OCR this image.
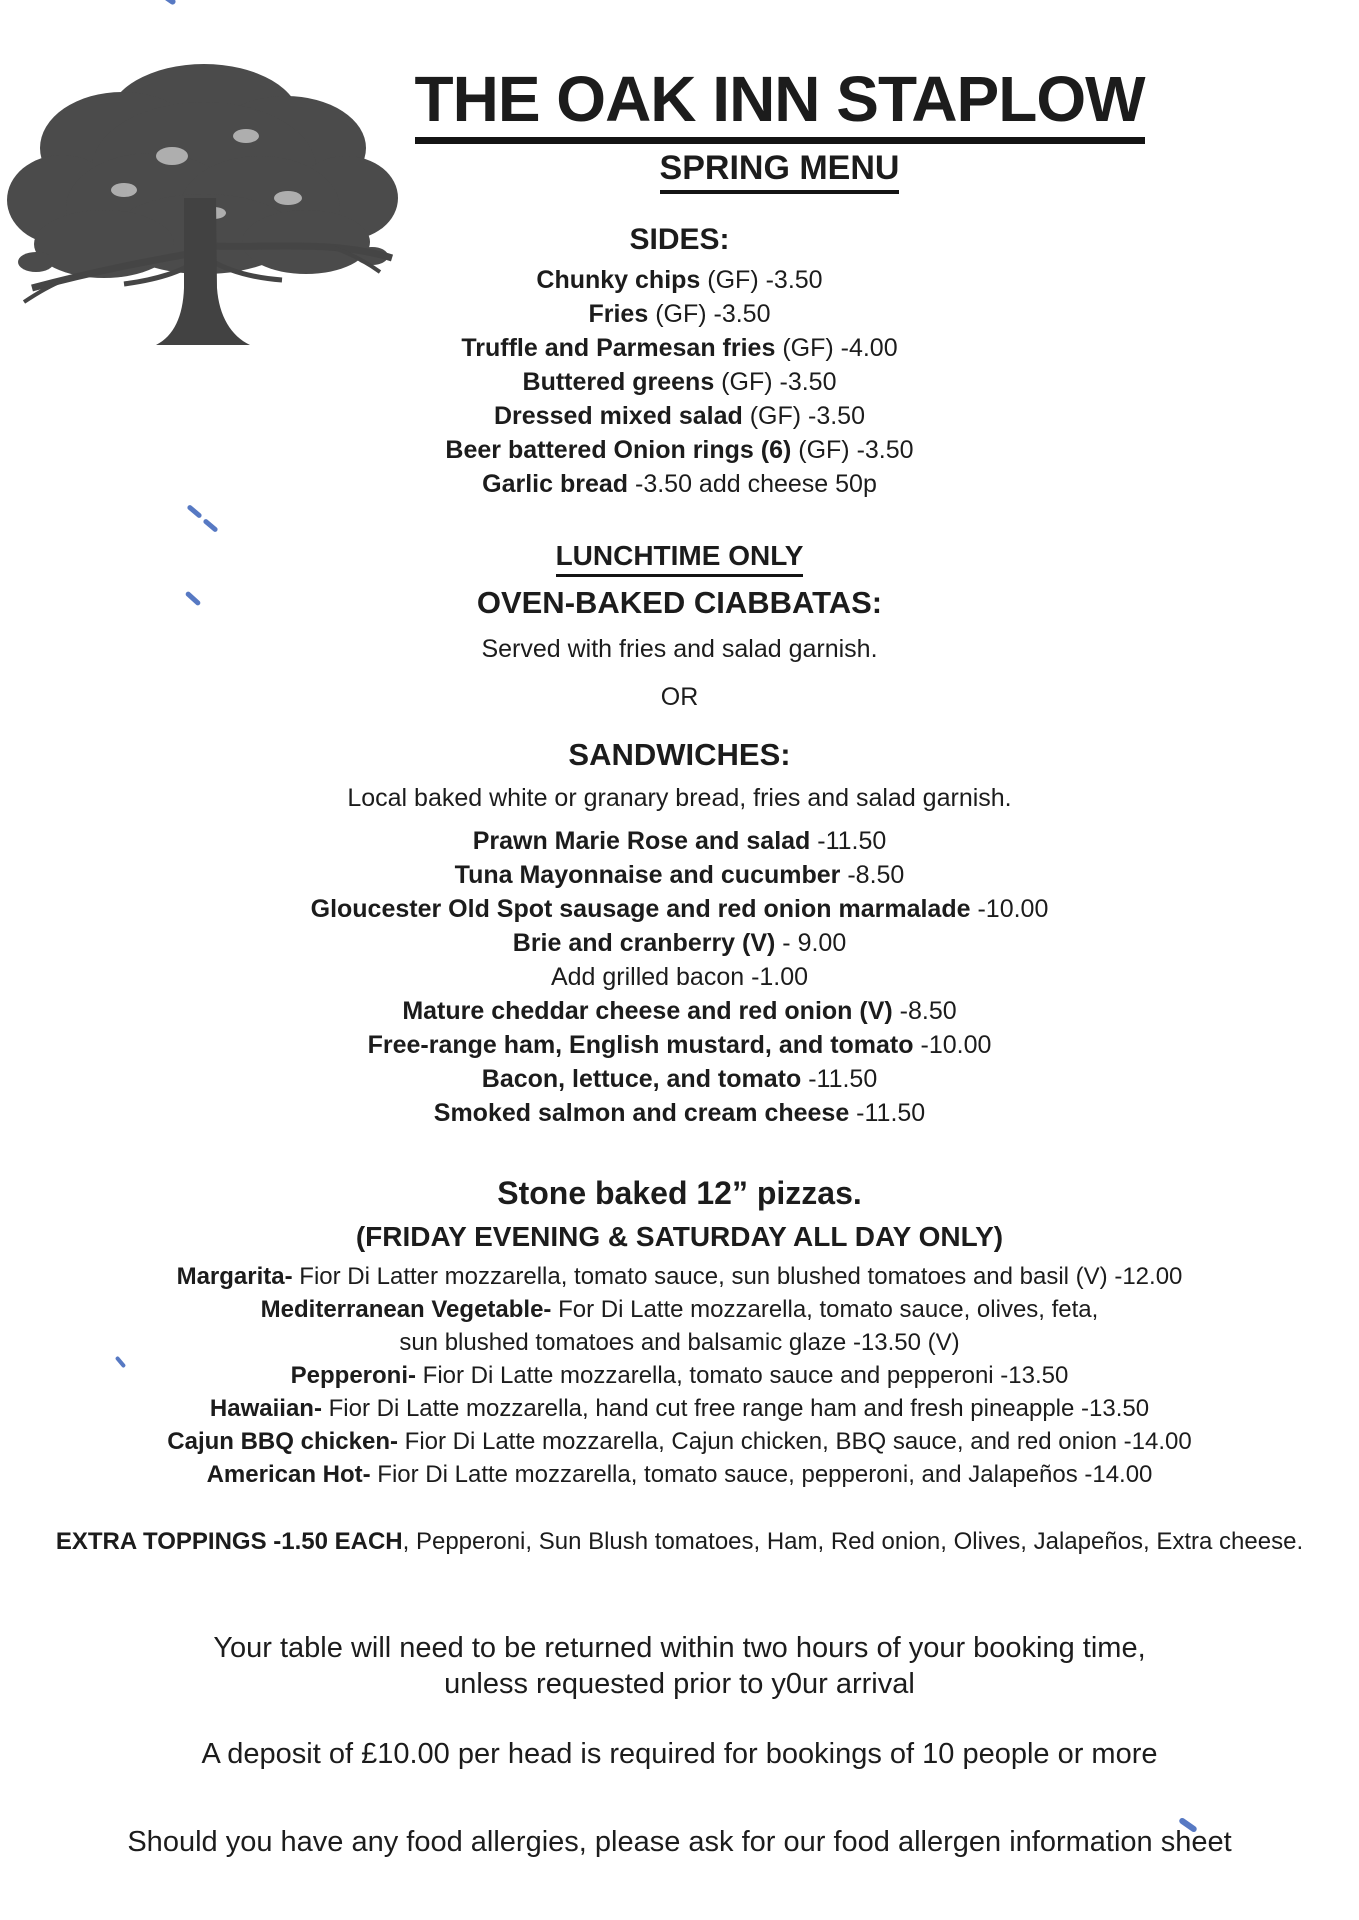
THE OAK INN STAPLOW
SPRING MENU
SIDES:
Chunky chips (GF) -3.50
Fries (GF) -3.50
Truffle and Parmesan fries (GF) -4.00
Buttered greens (GF) -3.50
Dressed mixed salad (GF) -3.50
Beer battered Onion rings (6) (GF) -3.50
Garlic bread -3.50 add cheese 50p
LUNCHTIME ONLY
OVEN-BAKED CIABBATAS:
Served with fries and salad garnish.
OR
SANDWICHES:
Local baked white or granary bread, fries and salad garnish.
Prawn Marie Rose and salad -11.50
Tuna Mayonnaise and cucumber -8.50
Gloucester Old Spot sausage and red onion marmalade -10.00
Brie and cranberry (V) - 9.00
Add grilled bacon -1.00
Mature cheddar cheese and red onion (V) -8.50
Free-range ham, English mustard, and tomato -10.00
Bacon, lettuce, and tomato -11.50
Smoked salmon and cream cheese -11.50
Stone baked 12” pizzas.
(FRIDAY EVENING & SATURDAY ALL DAY ONLY)
Margarita- Fior Di Latter mozzarella, tomato sauce, sun blushed tomatoes and basil (V) -12.00
Mediterranean Vegetable- For Di Latte mozzarella, tomato sauce, olives, feta,
sun blushed tomatoes and balsamic glaze -13.50 (V)
Pepperoni- Fior Di Latte mozzarella, tomato sauce and pepperoni -13.50
Hawaiian- Fior Di Latte mozzarella, hand cut free range ham and fresh pineapple -13.50
Cajun BBQ chicken- Fior Di Latte mozzarella, Cajun chicken, BBQ sauce, and red onion -14.00
American Hot- Fior Di Latte mozzarella, tomato sauce, pepperoni, and Jalapeños -14.00
EXTRA TOPPINGS -1.50 EACH, Pepperoni, Sun Blush tomatoes, Ham, Red onion, Olives, Jalapeños, Extra cheese.
Your table will need to be returned within two hours of your booking time,
unless requested prior to y0ur arrival
A deposit of £10.00 per head is required for bookings of 10 people or more
Should you have any food allergies, please ask for our food allergen information sheet
